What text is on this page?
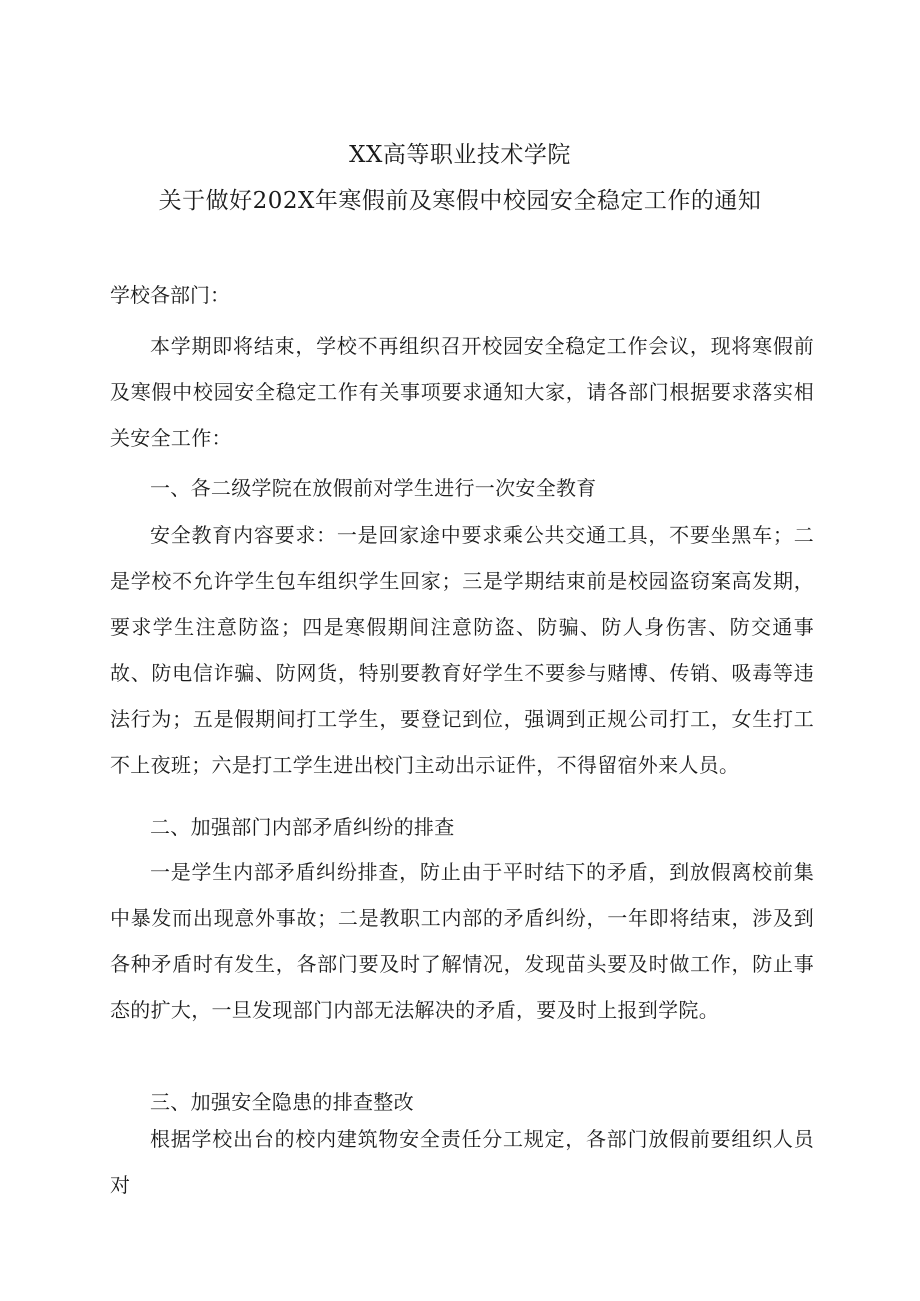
XX高等职业技术学院
关于做好202X年寒假前及寒假中校园安全稳定工作的通知
学校各部门：
本学期即将结束，学校不再组织召开校园安全稳定工作会议，现将寒假前及寒假中校园安全稳定工作有关事项要求通知大家，请各部门根据要求落实相关安全工作：
一、各二级学院在放假前对学生进行一次安全教育
安全教育内容要求：一是回家途中要求乘公共交通工具，不要坐黑车；二是学校不允许学生包车组织学生回家；三是学期结束前是校园盗窃案高发期，要求学生注意防盗；四是寒假期间注意防盗、防骗、防人身伤害、防交通事故、防电信诈骗、防网货，特别要教育好学生不要参与赌博、传销、吸毒等违法行为；五是假期间打工学生，要登记到位，强调到正规公司打工，女生打工不上夜班；六是打工学生进出校门主动出示证件，不得留宿外来人员。
二、加强部门内部矛盾纠纷的排查
一是学生内部矛盾纠纷排查，防止由于平时结下的矛盾，到放假离校前集中暴发而出现意外事故；二是教职工内部的矛盾纠纷，一年即将结束，涉及到各种矛盾时有发生，各部门要及时了解情况，发现苗头要及时做工作，防止事态的扩大，一旦发现部门内部无法解决的矛盾，要及时上报到学院。
三、加强安全隐患的排查整改
根据学校出台的校内建筑物安全责任分工规定，各部门放假前要组织人员对
